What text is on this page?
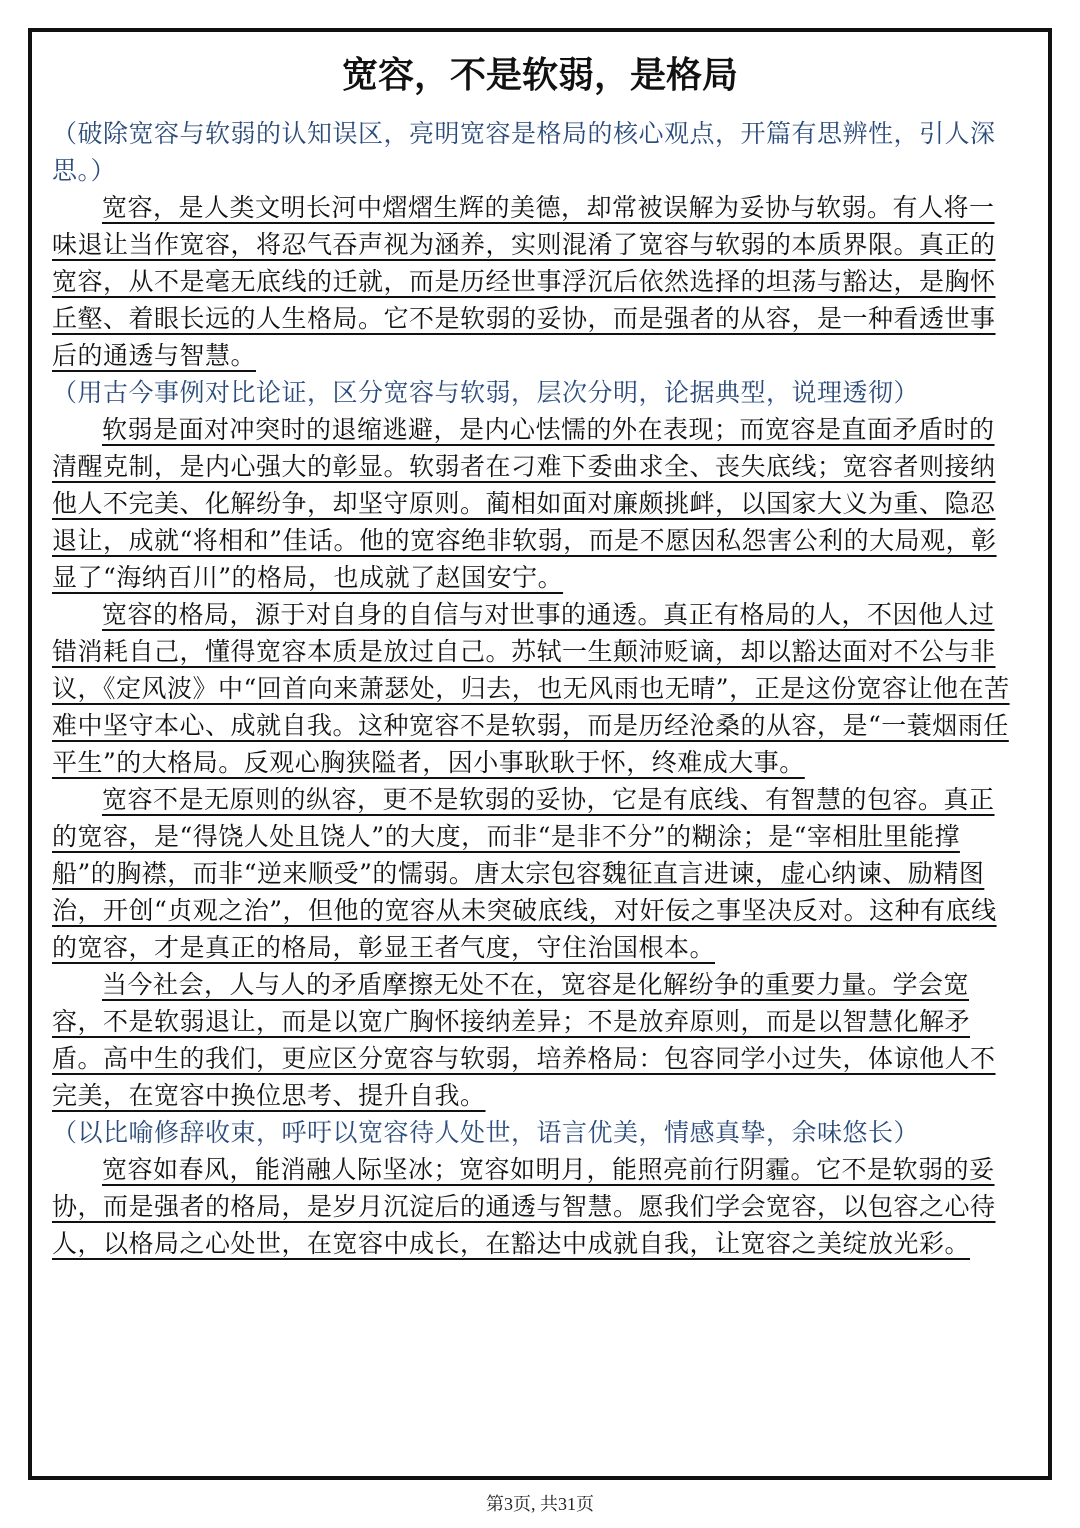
宽容，不是软弱，是格局

（破除宽容与软弱的认知误区，亮明宽容是格局的核心观点，开篇有思辨性，引人深思。）

宽容，是人类文明长河中熠熠生辉的美德，却常被误解为妥协与软弱。有人将一味退让当作宽容，将忍气吞声视为涵养，实则混淆了宽容与软弱的本质界限。真正的宽容，从不是毫无底线的迁就，而是历经世事浮沉后依然选择的坦荡与豁达，是胸怀丘壑、着眼长远的人生格局。它不是软弱的妥协，而是强者的从容，是一种看透世事后的通透与智慧。

（用古今事例对比论证，区分宽容与软弱，层次分明，论据典型，说理透彻）

软弱是面对冲突时的退缩逃避，是内心怯懦的外在表现；而宽容是直面矛盾时的清醒克制，是内心强大的彰显。软弱者在刁难下委曲求全、丧失底线；宽容者则接纳他人不完美、化解纷争，却坚守原则。蔺相如面对廉颇挑衅，以国家大义为重、隐忍退让，成就“将相和”佳话。他的宽容绝非软弱，而是不愿因私怨害公利的大局观，彰显了“海纳百川”的格局，也成就了赵国安宁。

宽容的格局，源于对自身的自信与对世事的通透。真正有格局的人，不因他人过错消耗自己，懂得宽容本质是放过自己。苏轼一生颠沛贬谪，却以豁达面对不公与非议，《定风波》中“回首向来萧瑟处，归去，也无风雨也无晴”，正是这份宽容让他在苦难中坚守本心、成就自我。这种宽容不是软弱，而是历经沧桑的从容，是“一蓑烟雨任平生”的大格局。反观心胸狭隘者，因小事耿耿于怀，终难成大事。

宽容不是无原则的纵容，更不是软弱的妥协，它是有底线、有智慧的包容。真正的宽容，是“得饶人处且饶人”的大度，而非“是非不分”的糊涂；是“宰相肚里能撑船”的胸襟，而非“逆来顺受”的懦弱。唐太宗包容魏征直言进谏，虚心纳谏、励精图治，开创“贞观之治”，但他的宽容从未突破底线，对奸佞之事坚决反对。这种有底线的宽容，才是真正的格局，彰显王者气度，守住治国根本。

当今社会，人与人的矛盾摩擦无处不在，宽容是化解纷争的重要力量。学会宽容，不是软弱退让，而是以宽广胸怀接纳差异；不是放弃原则，而是以智慧化解矛盾。高中生的我们，更应区分宽容与软弱，培养格局：包容同学小过失，体谅他人不完美，在宽容中换位思考、提升自我。

（以比喻修辞收束，呼吁以宽容待人处世，语言优美，情感真挚，余味悠长）

宽容如春风，能消融人际坚冰；宽容如明月，能照亮前行阴霾。它不是软弱的妥协，而是强者的格局，是岁月沉淀后的通透与智慧。愿我们学会宽容，以包容之心待人，以格局之心处世，在宽容中成长，在豁达中成就自我，让宽容之美绽放光彩。

第3页, 共31页
